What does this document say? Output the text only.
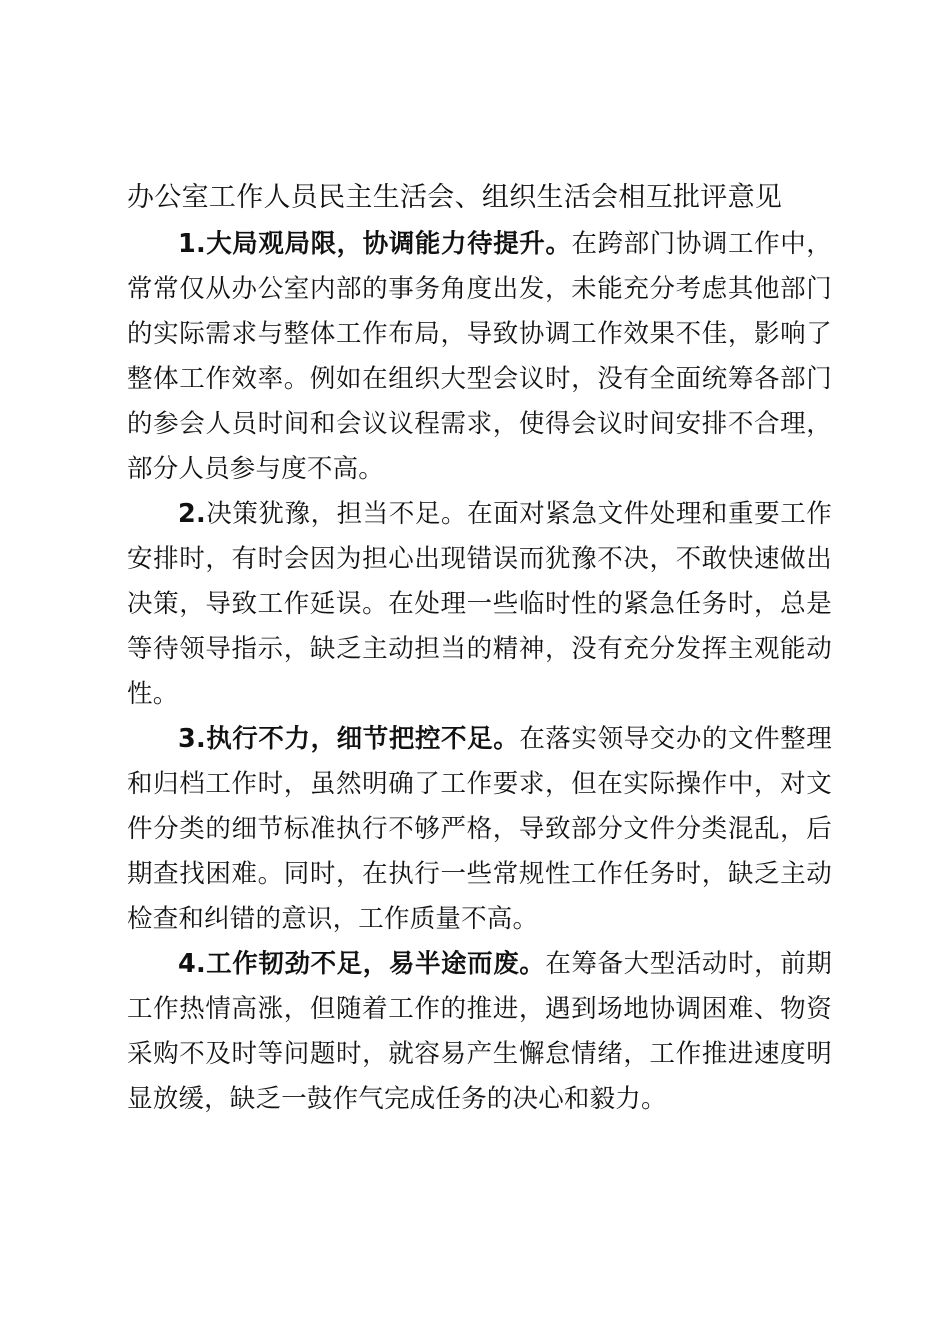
办公室工作人员民主生活会、组织生活会相互批评意见

1.大局观局限，协调能力待提升。在跨部门协调工作中，常常仅从办公室内部的事务角度出发，未能充分考虑其他部门的实际需求与整体工作布局，导致协调工作效果不佳，影响了整体工作效率。例如在组织大型会议时，没有全面统筹各部门的参会人员时间和会议议程需求，使得会议时间安排不合理，部分人员参与度不高。

2.决策犹豫，担当不足。在面对紧急文件处理和重要工作安排时，有时会因为担心出现错误而犹豫不决，不敢快速做出决策，导致工作延误。在处理一些临时性的紧急任务时，总是等待领导指示，缺乏主动担当的精神，没有充分发挥主观能动性。

3.执行不力，细节把控不足。在落实领导交办的文件整理和归档工作时，虽然明确了工作要求，但在实际操作中，对文件分类的细节标准执行不够严格，导致部分文件分类混乱，后期查找困难。同时，在执行一些常规性工作任务时，缺乏主动检查和纠错的意识，工作质量不高。

4.工作韧劲不足，易半途而废。在筹备大型活动时，前期工作热情高涨，但随着工作的推进，遇到场地协调困难、物资采购不及时等问题时，就容易产生懈怠情绪，工作推进速度明显放缓，缺乏一鼓作气完成任务的决心和毅力。
